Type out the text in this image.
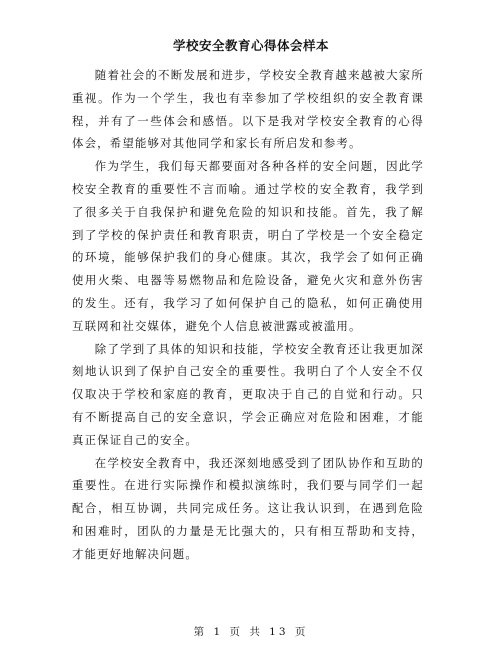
学校安全教育心得体会样本

随着社会的不断发展和进步，学校安全教育越来越被大家所重视。作为一个学生，我也有幸参加了学校组织的安全教育课程，并有了一些体会和感悟。以下是我对学校安全教育的心得体会，希望能够对其他同学和家长有所启发和参考。

作为学生，我们每天都要面对各种各样的安全问题，因此学校安全教育的重要性不言而喻。通过学校的安全教育，我学到了很多关于自我保护和避免危险的知识和技能。首先，我了解到了学校的保护责任和教育职责，明白了学校是一个安全稳定的环境，能够保护我们的身心健康。其次，我学会了如何正确使用火柴、电器等易燃物品和危险设备，避免火灾和意外伤害的发生。还有，我学习了如何保护自己的隐私，如何正确使用互联网和社交媒体，避免个人信息被泄露或被滥用。

除了学到了具体的知识和技能，学校安全教育还让我更加深刻地认识到了保护自己安全的重要性。我明白了个人安全不仅仅取决于学校和家庭的教育，更取决于自己的自觉和行动。只有不断提高自己的安全意识，学会正确应对危险和困难，才能真正保证自己的安全。

在学校安全教育中，我还深刻地感受到了团队协作和互助的重要性。在进行实际操作和模拟演练时，我们要与同学们一起配合，相互协调，共同完成任务。这让我认识到，在遇到危险和困难时，团队的力量是无比强大的，只有相互帮助和支持，才能更好地解决问题。

第 1 页 共 13 页
